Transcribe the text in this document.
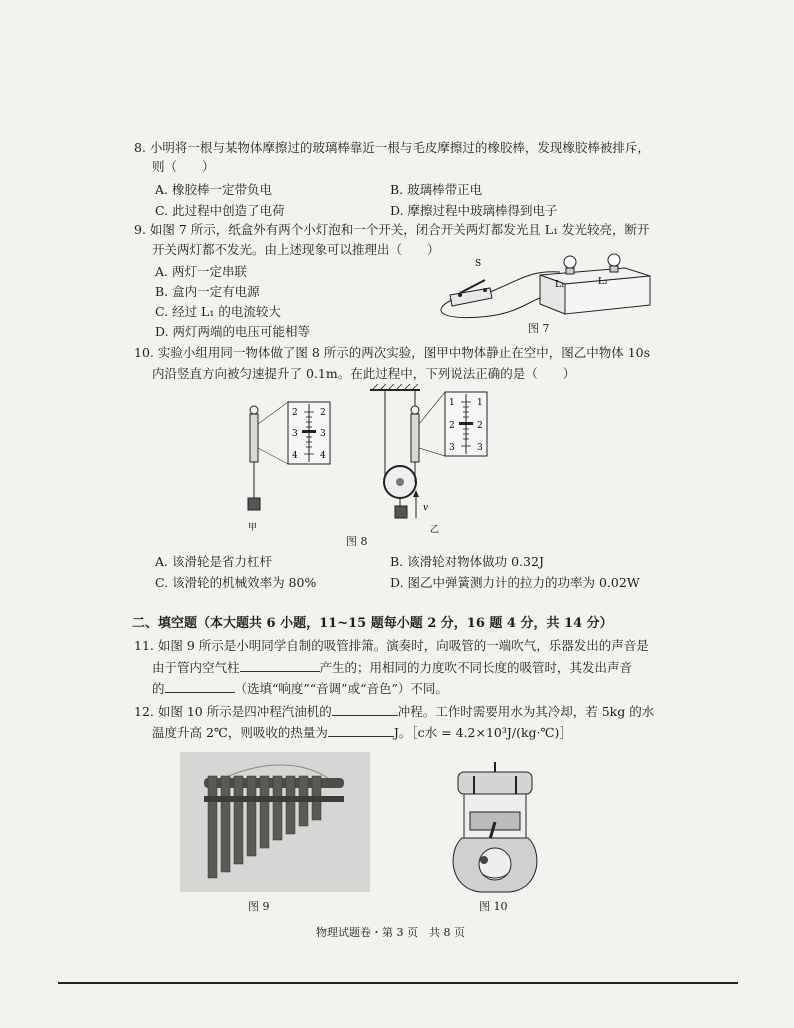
8. 小明将一根与某物体摩擦过的玻璃棒靠近一根与毛皮摩擦过的橡胶棒，发现橡胶棒被排斥，
则（　　）
A. 橡胶棒一定带负电	B. 玻璃棒带正电
C. 此过程中创造了电荷	D. 摩擦过程中玻璃棒得到电子
9. 如图 7 所示，纸盒外有两个小灯泡和一个开关，闭合开关两灯都发光且 L₁ 发光较亮，断开
开关两灯都不发光。由上述现象可以推理出（　　）
A. 两灯一定串联
B. 盒内一定有电源
C. 经过 L₁ 的电流较大
D. 两灯两端的电压可能相等
L₁	L₂
S
图 7
10. 实验小组用同一物体做了图 8 所示的两次实验，图甲中物体静止在空中，图乙中物体 10s
内沿竖直方向被匀速提升了 0.1m。在此过程中，下列说法正确的是（　　）
2
3
4
2
3
4
1
2
3
1
2
3
v
甲	乙
图 8
A. 该滑轮是省力杠杆	B. 该滑轮对物体做功 0.32J
C. 该滑轮的机械效率为 80%	D. 图乙中弹簧测力计的拉力的功率为 0.02W
二、填空题（本大题共 6 小题，11~15 题每小题 2 分，16 题 4 分，共 14 分）
11. 如图 9 所示是小明同学自制的吸管排箫。演奏时，向吸管的一端吹气，乐器发出的声音是
由于管内空气柱	产生的；用相同的力度吹不同长度的吸管时，其发出声音
的	（选填“响度”“音调”或“音色”）不同。
12. 如图 10 所示是四冲程汽油机的	冲程。工作时需要用水为其冷却，若 5kg 的水
温度升高 2℃，则吸收的热量为	J。［c水 = 4.2×10³J/(kg·℃)］
图 9	图 10
物理试题卷・第 3 页　共 8 页
